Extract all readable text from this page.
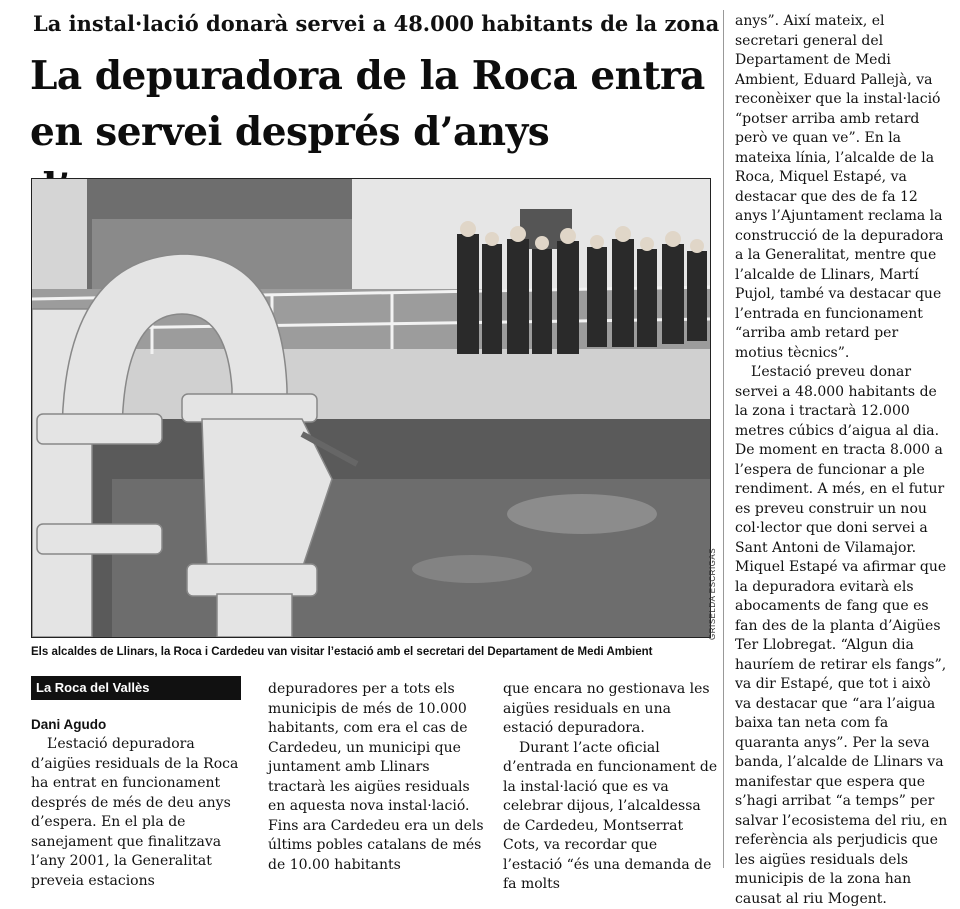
La instal·lació donarà servei a 48.000 habitants de la zona
La depuradora de la Roca entra en servei després d’anys
GRISELDA ESCRIGAS
Els alcaldes de Llinars, la Roca i Cardedeu van visitar l’estació amb el secretari del Departament de Medi Ambient
La Roca del Vallès
Dani Agudo

L’estació depuradora d’aigües residuals de la Roca ha entrat en funcionament després de més de deu anys d’espera. En el pla de sanejament que finalitzava l’any 2001, la Generalitat preveia estacions

depuradores per a tots els municipis de més de 10.000 habitants, com era el cas de Cardedeu, un municipi que juntament amb Llinars tractarà les aigües residuals en aquesta nova instal·lació. Fins ara Cardedeu era un dels últims pobles catalans de més de 10.00 habitants

que encara no gestionava les aigües residuals en una estació depuradora.

Durant l’acte oficial d’entrada en funcionament de la instal·lació que es va celebrar dijous, l’alcaldessa de Cardedeu, Montserrat Cots, va recordar que l’estació “és una demanda de fa molts

anys”. Així mateix, el secretari general del Departament de Medi Ambient, Eduard Pallejà, va reconèixer que la instal·lació “potser arriba amb retard però ve quan ve”. En la mateixa línia, l’alcalde de la Roca, Miquel Estapé, va destacar que des de fa 12 anys l’Ajuntament reclama la construcció de la depuradora a la Generalitat, mentre que l’alcalde de Llinars, Martí Pujol, també va destacar que l’entrada en funcionament “arriba amb retard per motius tècnics”.

L’estació preveu donar servei a 48.000 habitants de la zona i tractarà 12.000 metres cúbics d’aigua al dia. De moment en tracta 8.000 a l’espera de funcionar a ple rendiment. A més, en el futur es preveu construir un nou col·lector que doni servei a Sant Antoni de Vilamajor. Miquel Estapé va afirmar que la depuradora evitarà els abocaments de fang que es fan des de la planta d’Aigües Ter Llobregat. “Algun dia hauríem de retirar els fangs”, va dir Estapé, que tot i això va destacar que “ara l’aigua baixa tan neta com fa quaranta anys”. Per la seva banda, l’alcalde de Llinars va manifestar que espera que s’hagi arribat “a temps” per salvar l’ecosistema del riu, en referència als perjudicis que les aigües residuals dels municipis de la zona han causat al riu Mogent.
